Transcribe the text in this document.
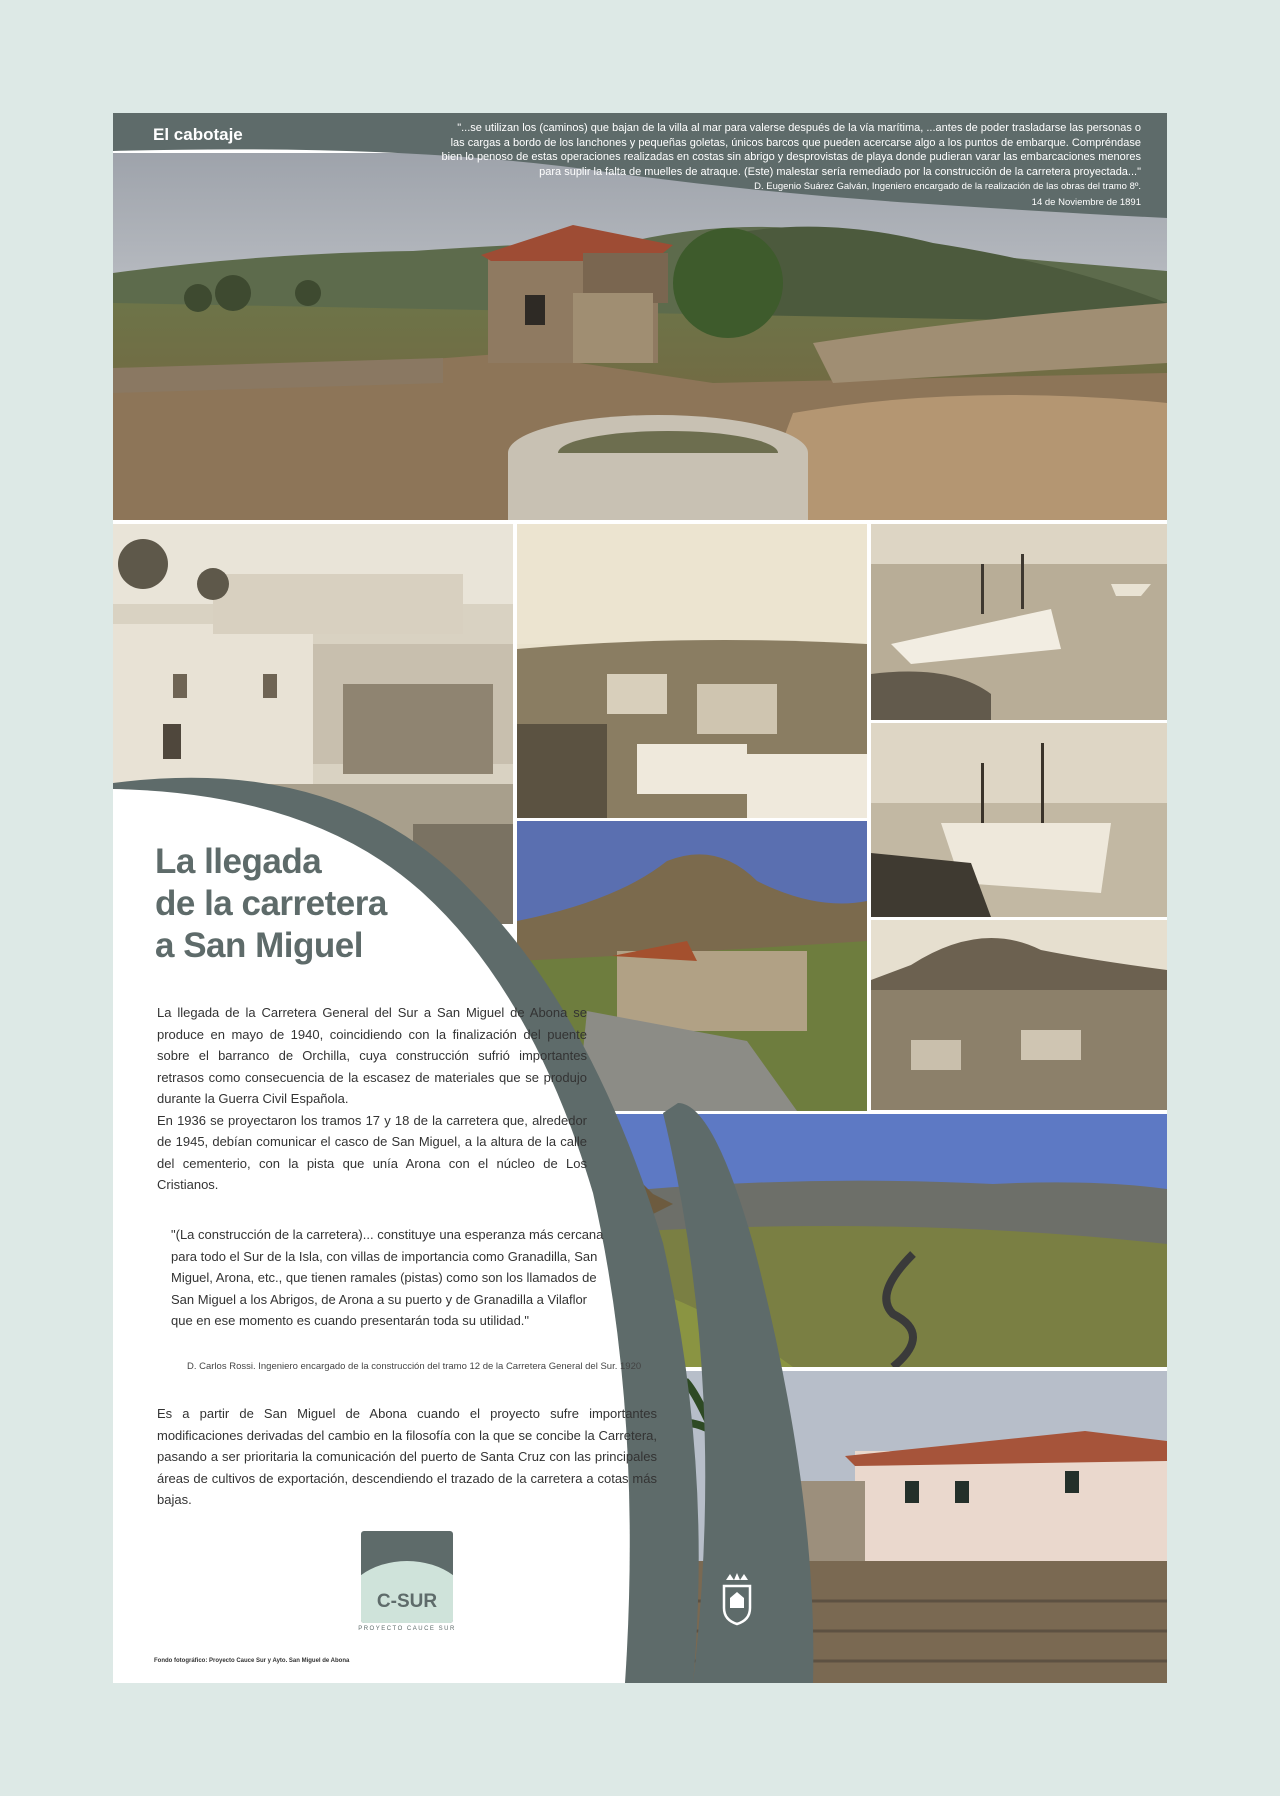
El cabotaje	"...se utilizan los (caminos) que bajan de la villa al mar para valerse después de la vía marítima, ...antes de poder trasladarse las personas o las cargas a bordo de los lanchones y pequeñas goletas, únicos barcos que pueden acercarse algo a los puntos de embarque. Compréndase bien lo penoso de estas operaciones realizadas en costas sin abrigo y desprovistas de playa donde pudieran varar las embarcaciones menores para suplir la falta de muelles de atraque. (Este) malestar sería remediado por la construcción de la carretera proyectada..."
D. Eugenio Suárez Galván, Ingeniero encargado de la realización de las obras del tramo 8º.
14 de Noviembre de 1891
La llegada
de la carretera
a San Miguel
La llegada de la Carretera General del Sur a San Miguel de Abona se produce en mayo de 1940, coincidiendo con la finalización del puente sobre el barranco de Orchilla, cuya construcción sufrió importantes retrasos como consecuencia de la escasez de materiales que se produjo durante la Guerra Civil Española.
En 1936 se proyectaron los tramos 17 y 18 de la carretera que, alrededor de 1945, debían comunicar el casco de San Miguel, a la altura de la calle del cementerio, con la pista que unía Arona con el núcleo de Los Cristianos.
"(La construcción de la carretera)... constituye una esperanza más cercana para todo el Sur de la Isla, con villas de importancia como Granadilla, San Miguel, Arona, etc., que tienen ramales (pistas) como son los llamados de San Miguel a los Abrigos, de Arona a su puerto y de Granadilla a Vilaflor que en ese momento es cuando presentarán toda su utilidad."
D. Carlos Rossi. Ingeniero encargado de la construcción del tramo 12 de la Carretera General del Sur. 1920
Es a partir de San Miguel de Abona cuando el proyecto sufre importantes modificaciones derivadas del cambio en la filosofía con la que se concibe la Carretera, pasando a ser prioritaria la comunicación del puerto de Santa Cruz con las principales áreas de cultivos de exportación, descendiendo el trazado de la carretera a cotas más bajas.
C-SUR
PROYECTO CAUCE SUR
Fondo fotográfico: Proyecto Cauce Sur y Ayto. San Miguel de Abona
